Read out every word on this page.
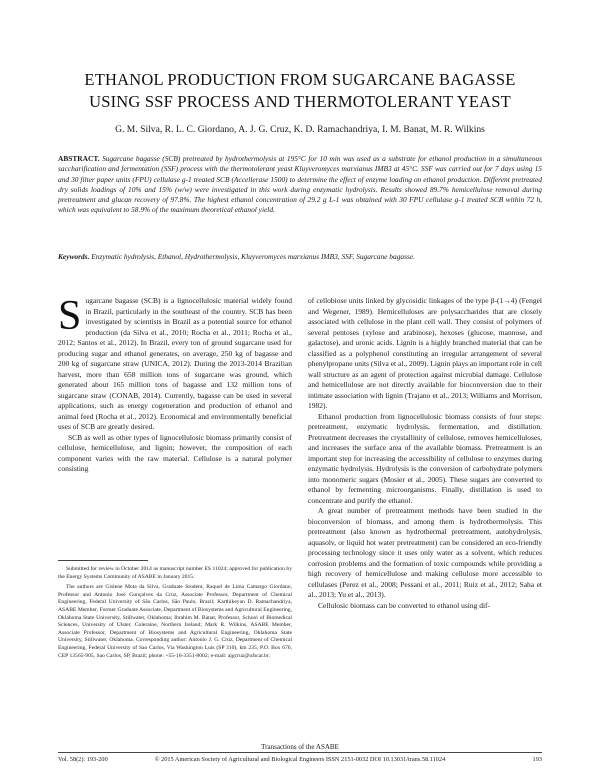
ETHANOL PRODUCTION FROM SUGARCANE BAGASSE
USING SSF PROCESS AND THERMOTOLERANT YEAST
G. M. Silva, R. L. C. Giordano, A. J. G. Cruz, K. D. Ramachandriya, I. M. Banat, M. R. Wilkins
ABSTRACT. Sugarcane bagasse (SCB) pretreated by hydrothermolysis at 195°C for 10 min was used as a substrate for ethanol production in a simultaneous saccharification and fermentation (SSF) process with the thermotolerant yeast Kluyveromyces marxianus IMB3 at 45°C. SSF was carried out for 7 days using 15 and 30 filter paper units (FPU) cellulase g-1 treated SCB (Accellerase 1500) to determine the effect of enzyme loading on ethanol production. Different pretreated dry solids loadings of 10% and 15% (w/w) were investigated in this work during enzymatic hydrolysis. Results showed 89.7% hemicellulose removal during pretreatment and glucan recovery of 97.8%. The highest ethanol concentration of 29.2 g L-1 was obtained with 30 FPU cellulase g-1 treated SCB within 72 h, which was equivalent to 58.9% of the maximum theoretical ethanol yield.
Keywords. Enzymatic hydrolysis, Ethanol, Hydrothermolysis, Kluyveromyces marxianus IMB3, SSF, Sugarcane bagasse.

Sugarcane bagasse (SCB) is a lignocellulosic material widely found in Brazil, particularly in the southeast of the country. SCB has been investigated by scientists in Brazil as a potential source for ethanol production (da Silva et al., 2010; Rocha et al., 2011; Rocha et al., 2012; Santos et al., 2012). In Brazil, every ton of ground sugarcane used for producing sugar and ethanol generates, on average, 250 kg of bagasse and 200 kg of sugarcane straw (UNICA, 2012). During the 2013-2014 Brazilian harvest, more than 658 million tons of sugarcane was ground, which generated about 165 million tons of bagasse and 132 million tons of sugarcane straw (CONAB, 2014). Currently, bagasse can be used in several applications, such as energy cogeneration and production of ethanol and animal feed (Rocha et al., 2012). Economical and environmentally beneficial uses of SCB are greatly desired.

SCB as well as other types of lignocellulosic biomass primarily consist of cellulose, hemicellulose, and lignin; however, the composition of each component varies with the raw material. Cellulose is a natural polymer consisting

Submitted for review in October 2014 as manuscript number ES 11024; approved for publication by the Energy Systems Community of ASABE in January 2015.

The authors are Gislene Mota da Silva, Graduate Student, Raquel de Lima Camargo Giordano, Professor and Antonio José Gonçalves da Cruz, Associate Professor, Department of Chemical Engineering, Federal University of São Carlos, São Paulo, Brazil; Karthikeyan D. Ramachandriya, ASABE Member, Former Graduate Associate, Department of Biosystems and Agricultural Engineering, Oklahoma State University, Stillwater, Oklahoma; Ibrahim M. Banat, Professor, School of Biomedical Sciences, University of Ulster, Coleraine, Northern Ireland; Mark R. Wilkins, ASABE Member, Associate Professor, Department of Biosystems and Agricultural Engineering, Oklahoma State University, Stillwater, Oklahoma. Corresponding author: Antonio J. G. Cruz, Department of Chemical Engineering, Federal University of Sao Carlos, Via Washington Luis (SP 310), km 235, P.O. Box 676, CEP 13565-905, Sao Carlos, SP, Brazil; phone: +55-16-3351-8002; e-mail: ajgcruz@ufscar.br.

of cellobiose units linked by glycosidic linkages of the type β-(1→4) (Fengel and Wegener, 1989). Hemicelluloses are polysaccharides that are closely associated with cellulose in the plant cell wall. They consist of polymers of several pentoses (xylose and arabinose), hexoses (glucose, mannose, and galactose), and uronic acids. Lignin is a highly branched material that can be classified as a polyphenol constituting an irregular arrangement of several phenylpropane units (Silva et al., 2009). Lignin plays an important role in cell wall structure as an agent of protection against microbial damage. Cellulose and hemicellulose are not directly available for bioconversion due to their intimate association with lignin (Trajano et al., 2013; Williams and Morrison, 1982).

Ethanol production from lignocellulosic biomass consists of four steps: pretreatment, enzymatic hydrolysis, fermentation, and distillation. Pretreatment decreases the crystallinity of cellulose, removes hemicelluloses, and increases the surface area of the available biomass. Pretreatment is an important step for increasing the accessibility of cellulose to enzymes during enzymatic hydrolysis. Hydrolysis is the conversion of carbohydrate polymers into monomeric sugars (Mosier et al., 2005). These sugars are converted to ethanol by fermenting microorganisms. Finally, distillation is used to concentrate and purify the ethanol.

A great number of pretreatment methods have been studied in the bioconversion of biomass, and among them is hydrothermolysis. This pretreatment (also known as hydrothermal pretreatment, autohydrolysis, aquasolv, or liquid hot water pretreatment) can be considered an eco-friendly processing technology since it uses only water as a solvent, which reduces corrosion problems and the formation of toxic compounds while providing a high recovery of hemicellulose and making cellulose more accessible to cellulases (Perez et al., 2008; Pessani et al., 2011; Ruiz et al., 2012; Saha et al., 2013; Yu et al., 2013).

Cellulosic biomass can be converted to ethanol using dif-

Transactions of the ASABE
Vol. 58(2): 193-200	© 2015 American Society of Agricultural and Biological Engineers ISSN 2151-0032 DOI 10.13031/trans.58.11024	193
